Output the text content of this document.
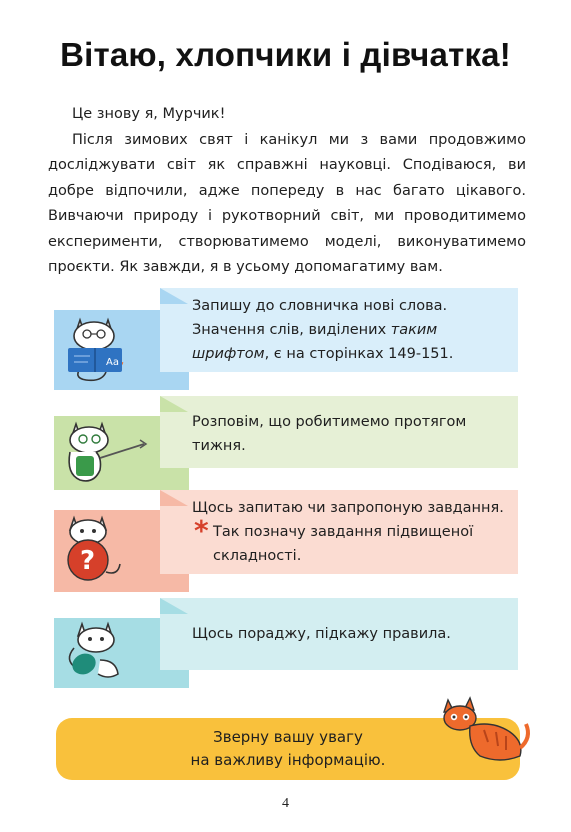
Вітаю, хлопчики і дівчатка!

Це знову я, Мурчик!

Після зимових свят і канікул ми з вами продовжимо досліджувати світ як справжні науковці. Сподіваюся, ви добре відпочили, адже попереду в нас багато цікавого. Вивчаючи природу і рукотворний світ, ми проводитимемо експерименти, створюватимемо моделі, виконуватимемо проєкти. Як завжди, я в усьому допомагатиму вам.

Aa
Запишу до словничка нові слова.
Значення слів, виділених таким
шрифтом, є на сторінках 149-151.
Розповім, що робитимемо протягом тижня.
?
Щось запитаю чи запропоную завдання.
* Так позначу завдання підвищеної складності.
Щось пораджу, підкажу правила.
Зверну вашу увагу
на важливу інформацію.
4
